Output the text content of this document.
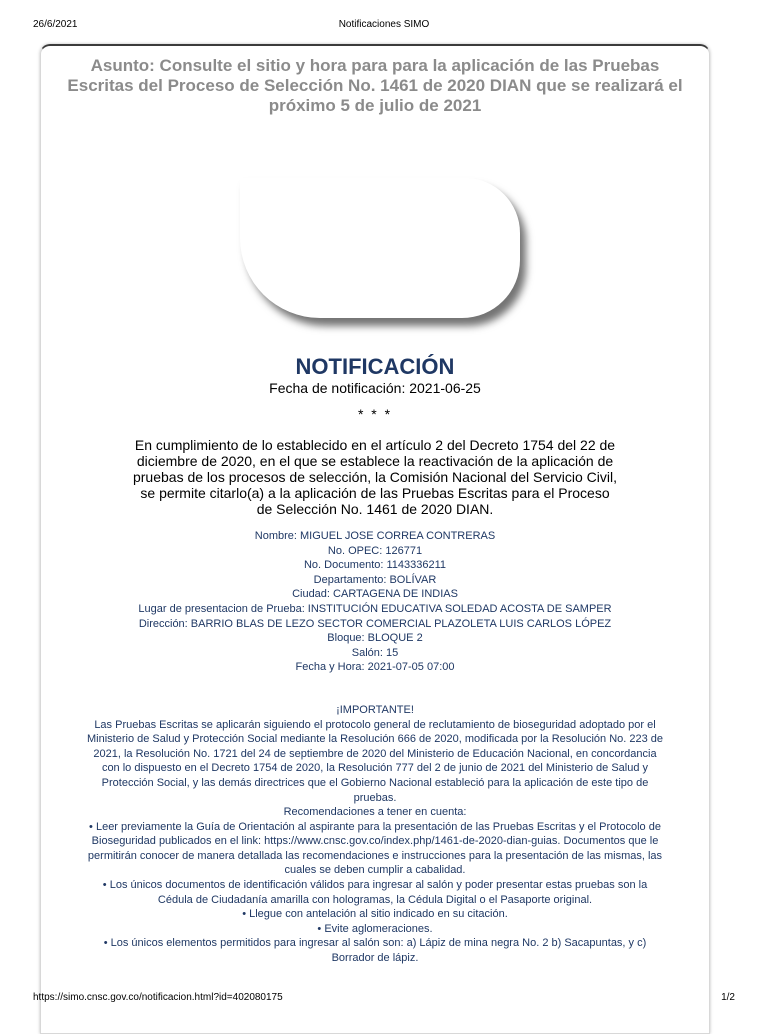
26/6/2021	Notificaciones SIMO
Asunto: Consulte el sitio y hora para para la aplicación de las Pruebas Escritas del Proceso de Selección No. 1461 de 2020 DIAN que se realizará el próximo 5 de julio de 2021
NOTIFICACIÓN
Fecha de notificación: 2021-06-25
* * *
En cumplimiento de lo establecido en el artículo 2 del Decreto 1754 del 22 de diciembre de 2020, en el que se establece la reactivación de la aplicación de pruebas de los procesos de selección, la Comisión Nacional del Servicio Civil, se permite citarlo(a) a la aplicación de las Pruebas Escritas para el Proceso de Selección No. 1461 de 2020 DIAN.
Nombre: MIGUEL JOSE CORREA CONTRERAS
No. OPEC: 126771
No. Documento: 1143336211
Departamento: BOLÍVAR
Ciudad: CARTAGENA DE INDIAS
Lugar de presentacion de Prueba: INSTITUCIÓN EDUCATIVA SOLEDAD ACOSTA DE SAMPER
Dirección: BARRIO BLAS DE LEZO SECTOR COMERCIAL PLAZOLETA LUIS CARLOS LÓPEZ
Bloque: BLOQUE 2
Salón: 15
Fecha y Hora: 2021-07-05 07:00
¡IMPORTANTE!
Las Pruebas Escritas se aplicarán siguiendo el protocolo general de reclutamiento de bioseguridad adoptado por el Ministerio de Salud y Protección Social mediante la Resolución 666 de 2020, modificada por la Resolución No. 223 de 2021, la Resolución No. 1721 del 24 de septiembre de 2020 del Ministerio de Educación Nacional, en concordancia con lo dispuesto en el Decreto 1754 de 2020, la Resolución 777 del 2 de junio de 2021 del Ministerio de Salud y Protección Social, y las demás directrices que el Gobierno Nacional estableció para la aplicación de este tipo de pruebas.
Recomendaciones a tener en cuenta:
• Leer previamente la Guía de Orientación al aspirante para la presentación de las Pruebas Escritas y el Protocolo de Bioseguridad publicados en el link: https://www.cnsc.gov.co/index.php/1461-de-2020-dian-guias. Documentos que le permitirán conocer de manera detallada las recomendaciones e instrucciones para la presentación de las mismas, las cuales se deben cumplir a cabalidad.
• Los únicos documentos de identificación válidos para ingresar al salón y poder presentar estas pruebas son la Cédula de Ciudadanía amarilla con hologramas, la Cédula Digital o el Pasaporte original.
• Llegue con antelación al sitio indicado en su citación.
• Evite aglomeraciones.
• Los únicos elementos permitidos para ingresar al salón son: a) Lápiz de mina negra No. 2 b) Sacapuntas, y c) Borrador de lápiz.
https://simo.cnsc.gov.co/notificacion.html?id=402080175	1/2
